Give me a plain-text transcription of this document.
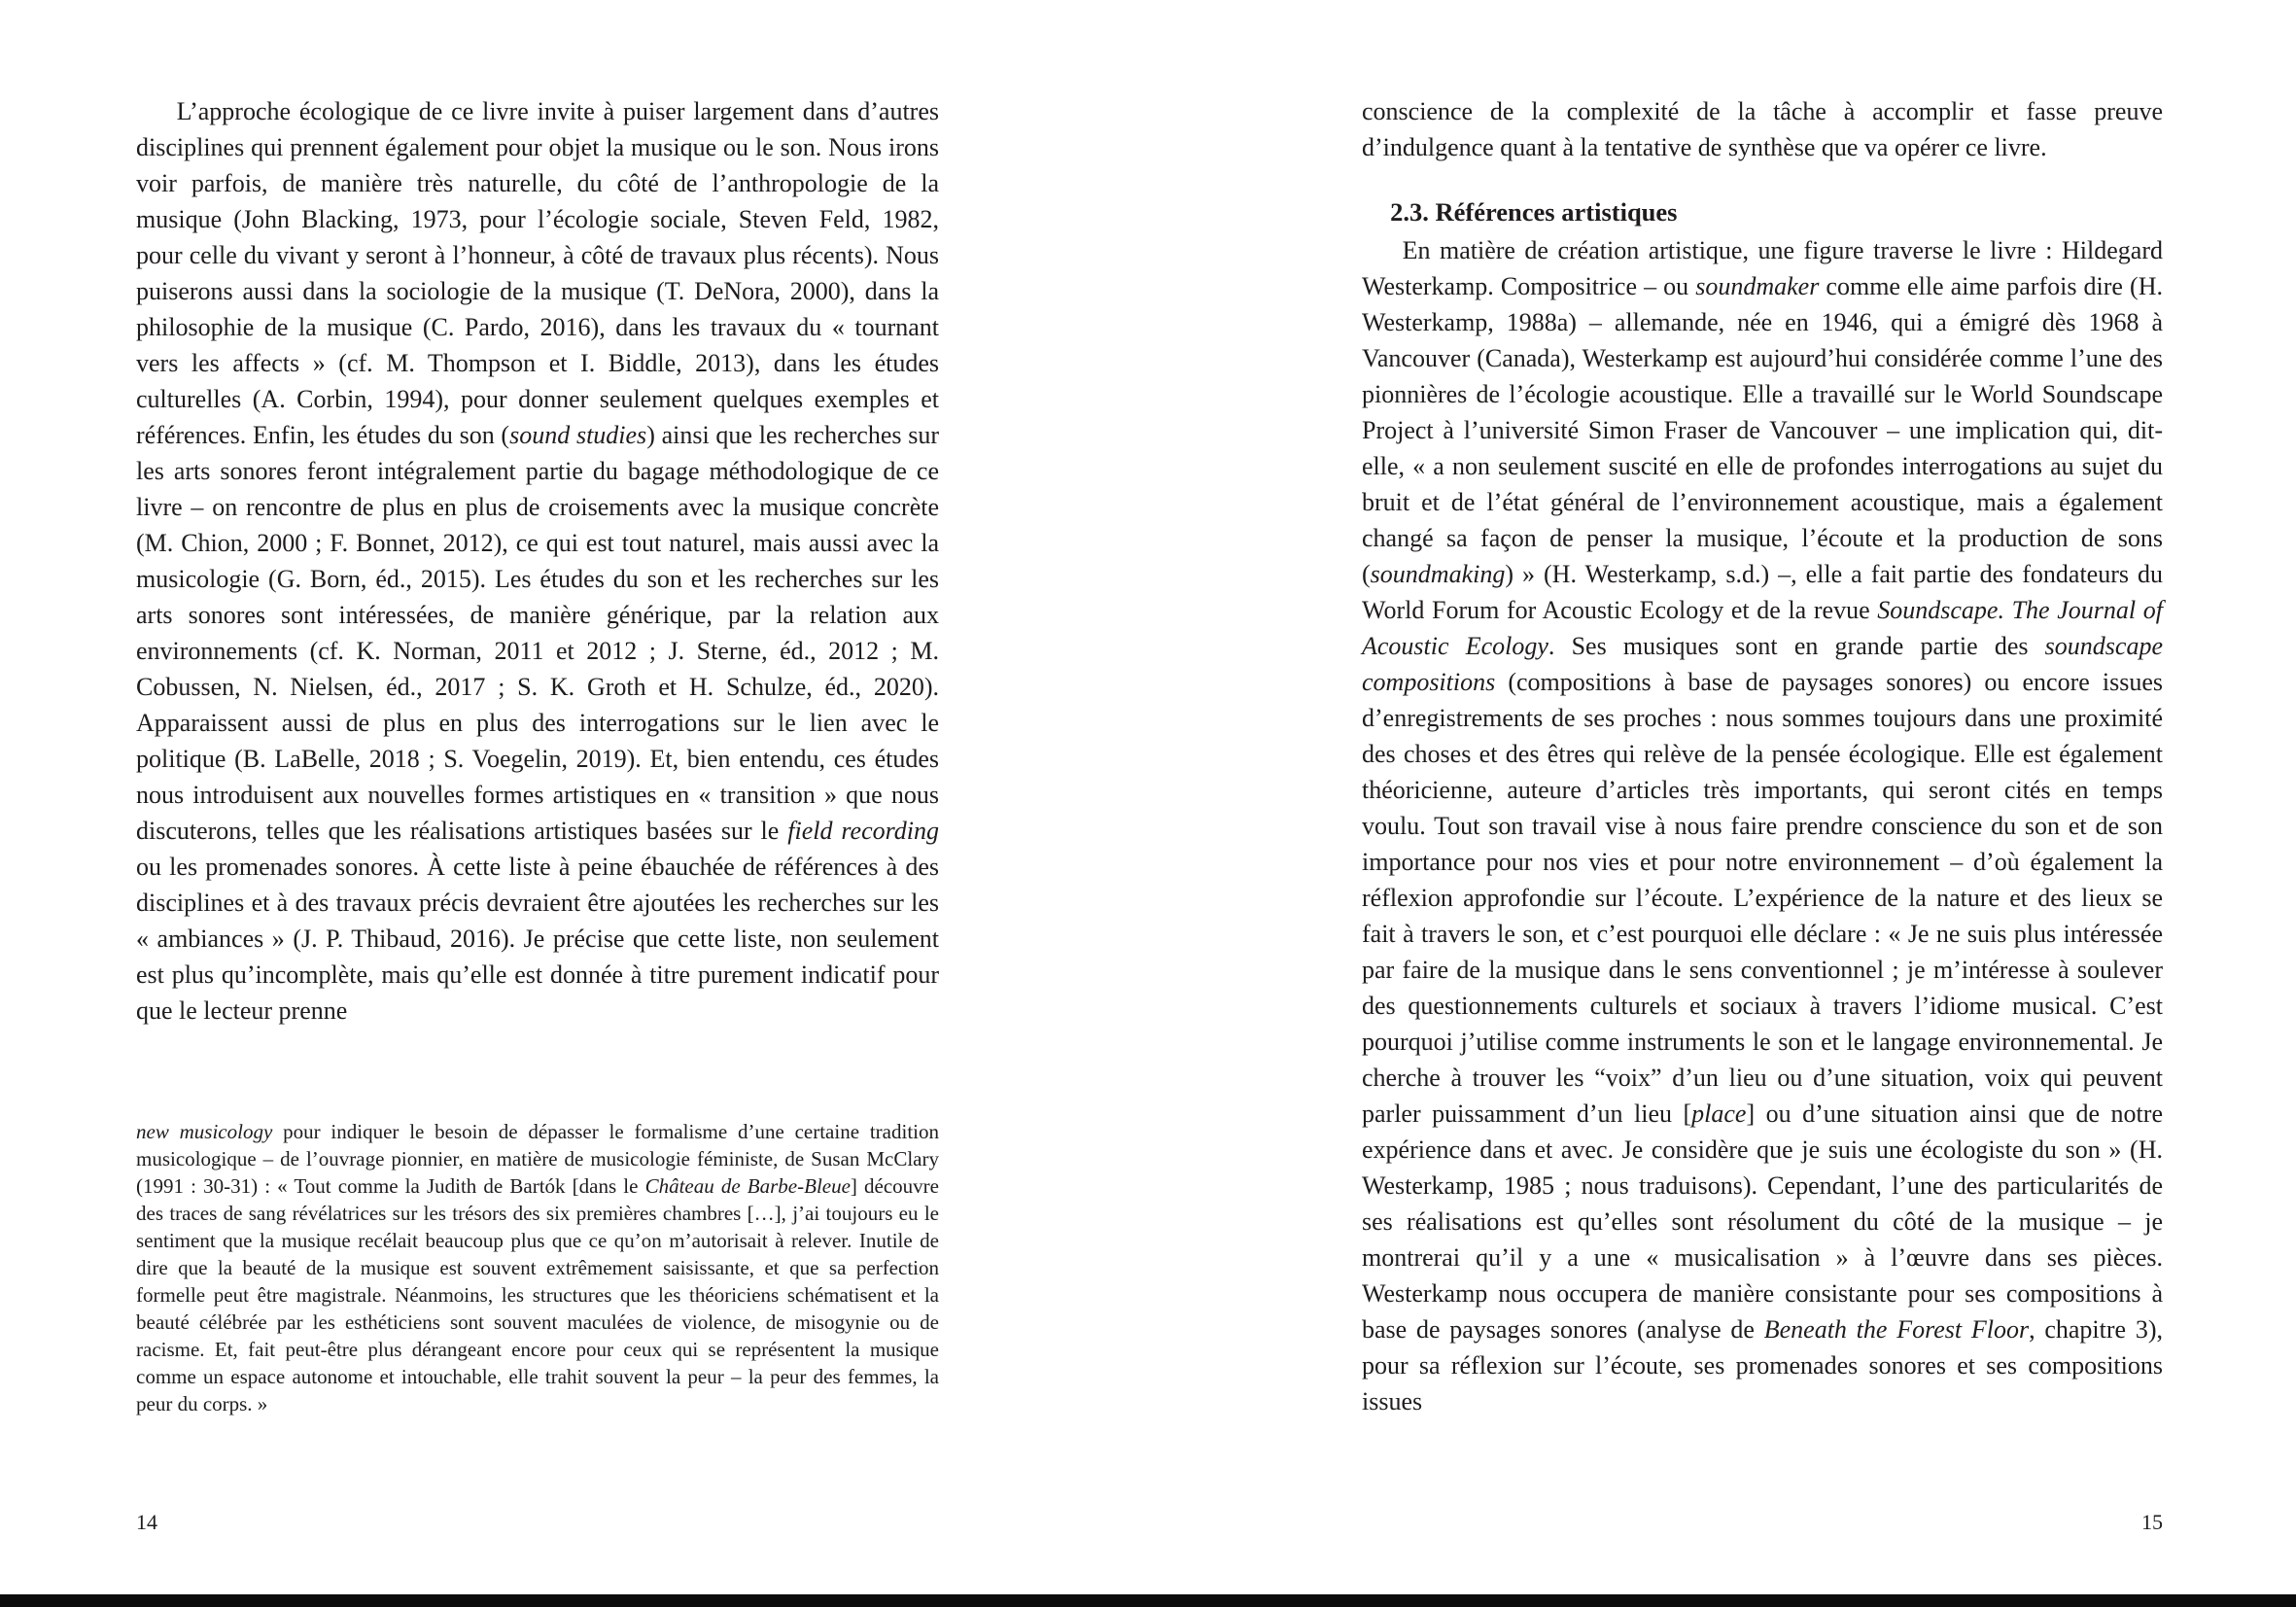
L’approche écologique de ce livre invite à puiser largement dans d’autres disciplines qui prennent également pour objet la musique ou le son. Nous irons voir parfois, de manière très naturelle, du côté de l’anthropologie de la musique (John Blacking, 1973, pour l’écologie sociale, Steven Feld, 1982, pour celle du vivant y seront à l’honneur, à côté de travaux plus récents). Nous puiserons aussi dans la sociologie de la musique (T. DeNora, 2000), dans la philosophie de la musique (C. Pardo, 2016), dans les travaux du « tournant vers les affects » (cf. M. Thompson et I. Biddle, 2013), dans les études culturelles (A. Corbin, 1994), pour donner seulement quelques exemples et références. Enfin, les études du son (sound studies) ainsi que les recherches sur les arts sonores feront intégralement partie du bagage méthodologique de ce livre – on rencontre de plus en plus de croisements avec la musique concrète (M. Chion, 2000 ; F. Bonnet, 2012), ce qui est tout naturel, mais aussi avec la musicologie (G. Born, éd., 2015). Les études du son et les recherches sur les arts sonores sont intéressées, de manière générique, par la relation aux environnements (cf. K. Norman, 2011 et 2012 ; J. Sterne, éd., 2012 ; M. Cobussen, N. Nielsen, éd., 2017 ; S. K. Groth et H. Schulze, éd., 2020). Apparaissent aussi de plus en plus des interrogations sur le lien avec le politique (B. LaBelle, 2018 ; S. Voegelin, 2019). Et, bien entendu, ces études nous introduisent aux nouvelles formes artistiques en « transition » que nous discuterons, telles que les réalisations artistiques basées sur le field recording ou les promenades sonores. À cette liste à peine ébauchée de références à des disciplines et à des travaux précis devraient être ajoutées les recherches sur les « ambiances » (J. P. Thibaud, 2016). Je précise que cette liste, non seulement est plus qu’incomplète, mais qu’elle est donnée à titre purement indicatif pour que le lecteur prenne

new musicology pour indiquer le besoin de dépasser le formalisme d’une certaine tradition musicologique – de l’ouvrage pionnier, en matière de musicologie féministe, de Susan McClary (1991 : 30-31) : « Tout comme la Judith de Bartók [dans le Château de Barbe-Bleue] découvre des traces de sang révélatrices sur les trésors des six premières chambres […], j’ai toujours eu le sentiment que la musique recélait beaucoup plus que ce qu’on m’autorisait à relever. Inutile de dire que la beauté de la musique est souvent extrêmement saisissante, et que sa perfection formelle peut être magistrale. Néanmoins, les structures que les théoriciens schématisent et la beauté célébrée par les esthéticiens sont souvent maculées de violence, de misogynie ou de racisme. Et, fait peut-être plus dérangeant encore pour ceux qui se représentent la musique comme un espace autonome et intouchable, elle trahit souvent la peur – la peur des femmes, la peur du corps. »

14

conscience de la complexité de la tâche à accomplir et fasse preuve d’indulgence quant à la tentative de synthèse que va opérer ce livre.

2.3. Références artistiques

En matière de création artistique, une figure traverse le livre : Hildegard Westerkamp. Compositrice – ou soundmaker comme elle aime parfois dire (H. Westerkamp, 1988a) – allemande, née en 1946, qui a émigré dès 1968 à Vancouver (Canada), Westerkamp est aujourd’hui considérée comme l’une des pionnières de l’écologie acoustique. Elle a travaillé sur le World Soundscape Project à l’université Simon Fraser de Vancouver – une implication qui, dit-elle, « a non seulement suscité en elle de profondes interrogations au sujet du bruit et de l’état général de l’environnement acoustique, mais a également changé sa façon de penser la musique, l’écoute et la production de sons (soundmaking) » (H. Westerkamp, s.d.) –, elle a fait partie des fondateurs du World Forum for Acoustic Ecology et de la revue Soundscape. The Journal of Acoustic Ecology. Ses musiques sont en grande partie des soundscape compositions (compositions à base de paysages sonores) ou encore issues d’enregistrements de ses proches : nous sommes toujours dans une proximité des choses et des êtres qui relève de la pensée écologique. Elle est également théoricienne, auteure d’articles très importants, qui seront cités en temps voulu. Tout son travail vise à nous faire prendre conscience du son et de son importance pour nos vies et pour notre environnement – d’où également la réflexion approfondie sur l’écoute. L’expérience de la nature et des lieux se fait à travers le son, et c’est pourquoi elle déclare : « Je ne suis plus intéressée par faire de la musique dans le sens conventionnel ; je m’intéresse à soulever des questionnements culturels et sociaux à travers l’idiome musical. C’est pourquoi j’utilise comme instruments le son et le langage environnemental. Je cherche à trouver les “voix” d’un lieu ou d’une situation, voix qui peuvent parler puissamment d’un lieu [place] ou d’une situation ainsi que de notre expérience dans et avec. Je considère que je suis une écologiste du son » (H. Westerkamp, 1985 ; nous traduisons). Cependant, l’une des particularités de ses réalisations est qu’elles sont résolument du côté de la musique – je montrerai qu’il y a une « musicalisation » à l’œuvre dans ses pièces. Westerkamp nous occupera de manière consistante pour ses compositions à base de paysages sonores (analyse de Beneath the Forest Floor, chapitre 3), pour sa réflexion sur l’écoute, ses promenades sonores et ses compositions issues

15
